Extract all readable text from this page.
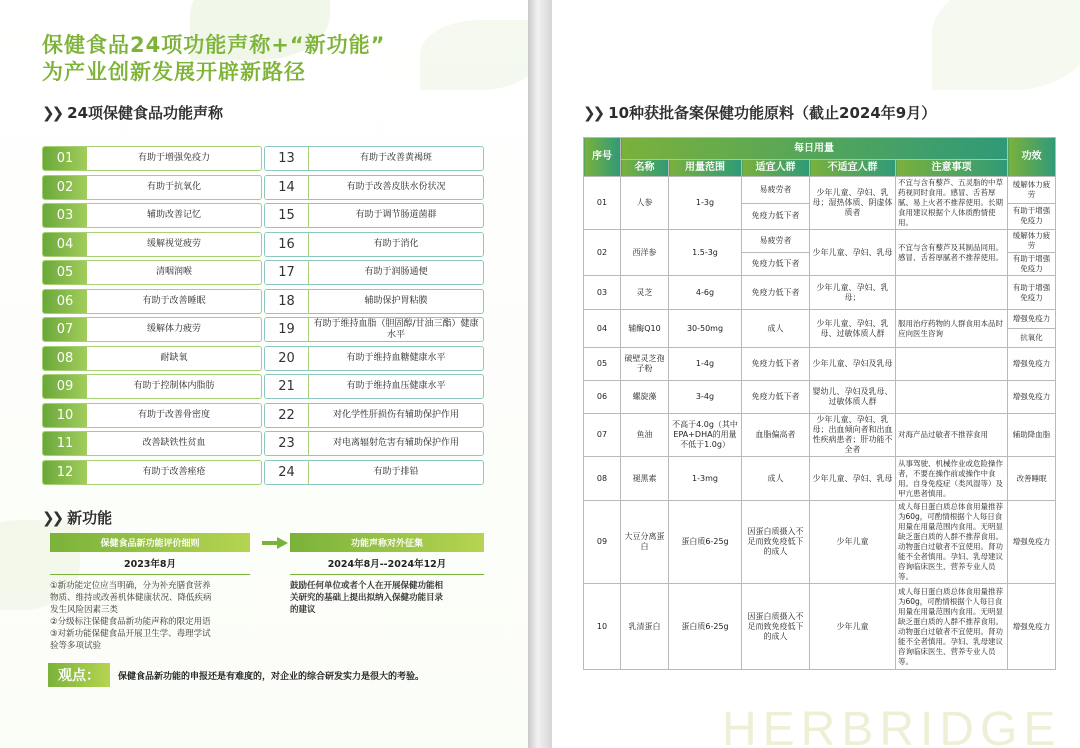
保健食品24项功能声称+“新功能”
为产业创新发展开辟新路径
❯❯ 24项保健食品功能声称
01	有助于增强免疫力
02	有助于抗氧化
03	辅助改善记忆
04	缓解视觉疲劳
05	清咽润喉
06	有助于改善睡眠
07	缓解体力疲劳
08	耐缺氧
09	有助于控制体内脂肪
10	有助于改善骨密度
11	改善缺铁性贫血
12	有助于改善痤疮
13	有助于改善黄褐斑
14	有助于改善皮肤水份状况
15	有助于调节肠道菌群
16	有助于消化
17	有助于润肠通便
18	辅助保护胃粘膜
19	有助于维持血脂（胆固醇/甘油三酯）健康水平
20	有助于维持血糖健康水平
21	有助于维持血压健康水平
22	对化学性肝损伤有辅助保护作用
23	对电离辐射危害有辅助保护作用
24	有助于排铅
❯❯ 新功能
保健食品新功能评价细则
2023年8月
①新功能定位应当明确，分为补充膳食营养
物质、维持或改善机体健康状况、降低疾病
发生风险因素三类
②分级标注保健食品新功能声称的限定用语
③对新功能保健食品开展卫生学、毒理学试
验等多项试验
功能声称对外征集
2024年8月--2024年12月
鼓励任何单位或者个人在开展保健功能相
关研究的基础上提出拟纳入保健功能目录
的建议
观点：	保健食品新功能的申报还是有难度的，对企业的综合研发实力是很大的考验。
❯❯ 10种获批备案保健功能原料（截止2024年9月）
序号	每日用量					功效
	名称	用量范围	适宜人群	不适宜人群	注意事项	
01	人参	1-3g	易疲劳者	少年儿童、孕妇、乳母；湿热体质、阴虚体质者	不宜与含有藜芦、五灵脂的中草药视同时食用。感冒、舌苔厚腻、易上火者不推荐使用。长期食用建议根据个人体质酌情使用。	缓解体力疲劳
			免疫力低下者			有助于增强免疫力
02	西洋参	1.5-3g	易疲劳者	少年儿童、孕妇、乳母	不宜与含有藜芦及其制品同用。感冒、舌苔厚腻者不推荐使用。	缓解体力疲劳
			免疫力低下者			有助于增强免疫力
03	灵芝	4-6g	免疫力低下者	少年儿童、孕妇、乳母；		有助于增强免疫力
04	辅酶Q10	30-50mg	成人	少年儿童、孕妇、乳母、过敏体质人群	服用治疗药物的人群食用本品时应向医生咨询	增强免疫力
						抗氧化
05	破壁灵芝孢子粉	1-4g	免疫力低下者	少年儿童、孕妇及乳母		增强免疫力
06	螺旋藻	3-4g	免疫力低下者	婴幼儿、孕妇及乳母、过敏体质人群		增强免疫力
07	鱼油	不高于4.0g（其中EPA+DHA的用量不低于1.0g）	血脂偏高者	少年儿童、孕妇、乳母；出血倾向者和出血性疾病患者；肝功能不全者	对海产品过敏者不推荐食用	辅助降血脂
08	褪黑素	1-3mg	成人	少年儿童、孕妇、乳母	从事驾驶、机械作业或危险操作者，不要在操作前或操作中食用。自身免疫症（类风湿等）及甲亢患者慎用。	改善睡眠
09	大豆分离蛋白	蛋白质6-25g	因蛋白质摄入不足而致免疫低下的成人	少年儿童	成人每日蛋白质总体食用量推荐为60g，可酌情根据个人每日食用量在用量范围内食用。无明显缺乏蛋白质的人群不推荐食用。动物蛋白过敏者不宜使用。肾功能不全者慎用。孕妇、乳母建议咨询临床医生、营养专业人员等。	增强免疫力
10	乳清蛋白	蛋白质6-25g	因蛋白质摄入不足而致免疫低下的成人	少年儿童	成人每日蛋白质总体食用量推荐为60g，可酌情根据个人每日食用量在用量范围内食用。无明显缺乏蛋白质的人群不推荐食用。动物蛋白过敏者不宜使用。肾功能不全者慎用。孕妇、乳母建议咨询临床医生、营养专业人员等。	增强免疫力
HERBRIDGE
